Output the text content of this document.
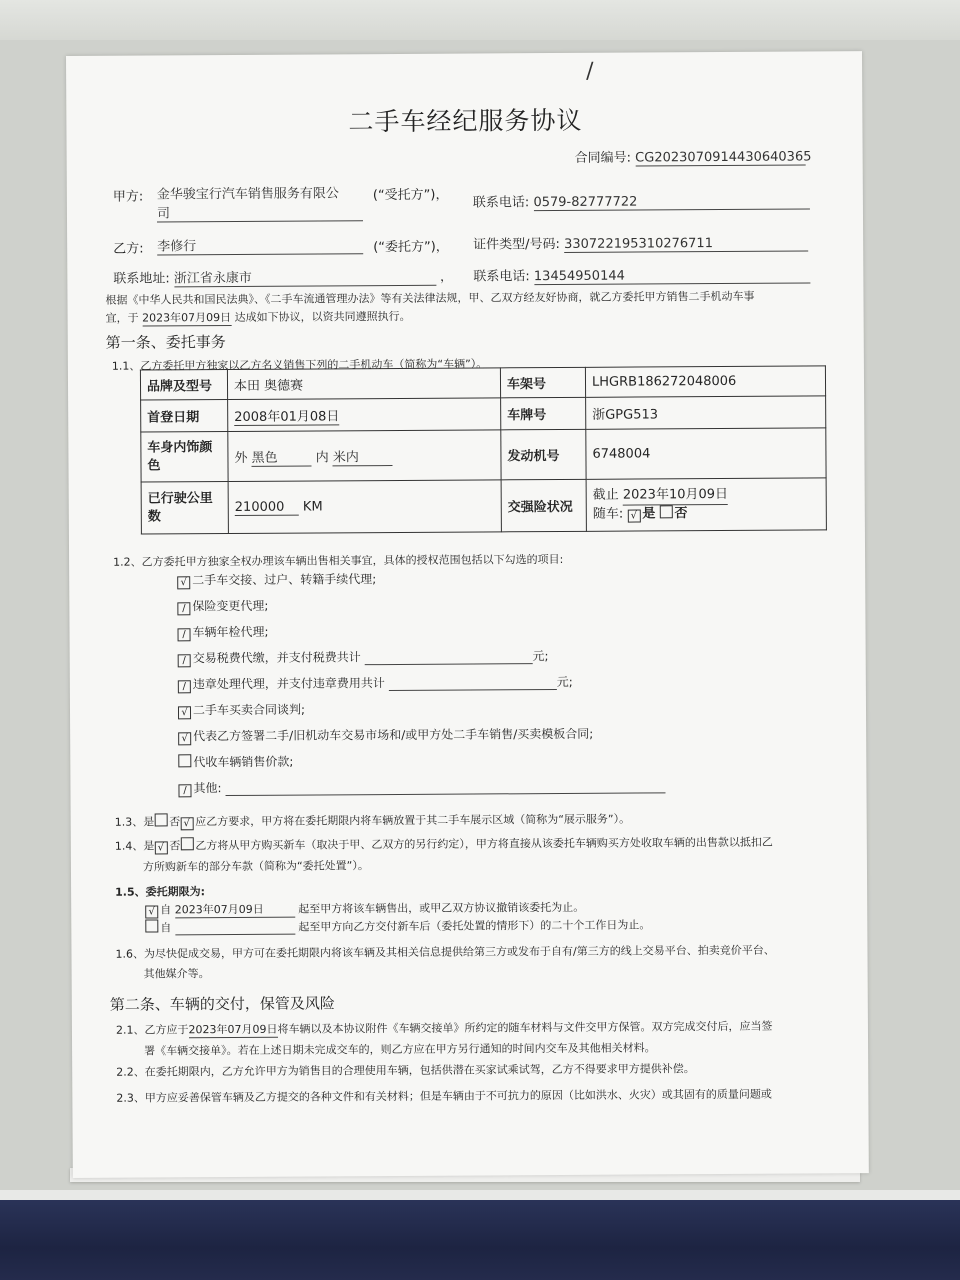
/
二手车经纪服务协议
合同编号: CG2023070914430640365
甲方: 金华骏宝行汽车销售服务有限公
司
(“受托方”)， 联系电话: 0579-82777722
乙方: 李修行	(“委托方”)， 证件类型/号码: 330722195310276711
联系地址: 浙江省永康市	， 联系电话: 13454950144
根据《中华人民共和国民法典》、《二手车流通管理办法》等有关法律法规，甲、乙双方经友好协商，就乙方委托甲方销售二手机动车事
宜，于 2023年07月09日 达成如下协议，以资共同遵照执行。
第一条、委托事务
1.1、乙方委托甲方独家以乙方名义销售下列的二手机动车（简称为“车辆”）。
品牌及型号	本田 奥德赛	车架号	LHGRB186272048006
首登日期	2008年01月08日	车牌号	浙GPG513
车身内饰颜色	外 黑色 内 米内	发动机号	6748004
已行驶公里数	210000 KM	交强险状况	截止 2023年10月09日
随车: √ 是 否
1.2、乙方委托甲方独家全权办理该车辆出售相关事宜，具体的授权范围包括以下勾选的项目:
√ 二手车交接、过户、转籍手续代理;
/ 保险变更代理;
/ 车辆年检代理;
/ 交易税费代缴，并支付税费共计	元;
/ 违章处理代理，并支付违章费用共计	元;
√ 二手车买卖合同谈判;
√ 代表乙方签署二手/旧机动车交易市场和/或甲方处二手车销售/买卖模板合同;
代收车辆销售价款;
/ 其他:
1.3、是 否 √ 应乙方要求，甲方将在委托期限内将车辆放置于其二手车展示区域（简称为“展示服务”）。
1.4、是 √ 否 乙方将从甲方购买新车（取决于甲、乙双方的另行约定），甲方将直接从该委托车辆购买方处收取车辆的出售款以抵扣乙
方所购新车的部分车款（简称为“委托处置”）。
1.5、委托期限为:
√ 自 2023年07月09日	起至甲方将该车辆售出，或甲乙双方协议撤销该委托为止。
自	起至甲方向乙方交付新车后（委托处置的情形下）的二十个工作日为止。
1.6、为尽快促成交易，甲方可在委托期限内将该车辆及其相关信息提供给第三方或发布于自有/第三方的线上交易平台、拍卖竞价平台、
其他媒介等。
第二条、车辆的交付，保管及风险
2.1、乙方应于2023年07月09日将车辆以及本协议附件《车辆交接单》所约定的随车材料与文件交甲方保管。双方完成交付后，应当签
署《车辆交接单》。若在上述日期未完成交车的，则乙方应在甲方另行通知的时间内交车及其他相关材料。
2.2、在委托期限内，乙方允许甲方为销售目的合理使用车辆，包括供潜在买家试乘试驾，乙方不得要求甲方提供补偿。
2.3、甲方应妥善保管车辆及乙方提交的各种文件和有关材料；但是车辆由于不可抗力的原因（比如洪水、火灾）或其固有的质量问题或
